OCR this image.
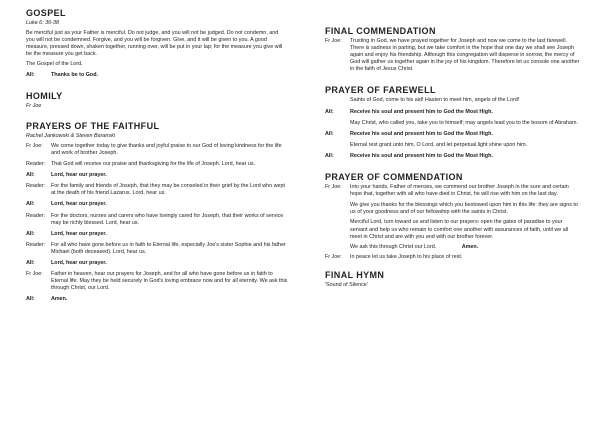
GOSPEL
Luke 6: 36-38

Be merciful just as your Father is merciful. Do not judge, and you will not be judged. Do not condemn, and you will not be condemned. Forgive, and you will be forgiven. Give, and it will be given to you. A good measure, pressed down, shaken together, running over, will be put in your lap; for the measure you give will be the measure you get back.

The Gospel of the Lord.

All:	Thanks be to God.
HOMILY
Fr Joe
PRAYERS OF THE FAITHFUL
Rachel Jankowski & Steven Baranski
Fr Joe:	We come together today to give thanks and joyful praise to our God of loving kindness for the life and work of brother Joseph.
Reader:	That God will receive our praise and thanksgiving for the life of Joseph. Lord, hear us.
All:	Lord, hear our prayer.
Reader:	For the family and friends of Joseph, that they may be consoled in their grief by the Lord who wept at the death of his friend Lazarus. Lord, hear us.
All:	Lord, hear our prayer.
Reader:	For the doctors, nurses and carers who have lovingly cared for Joseph, that their works of service may be richly blessed. Lord, hear us.
All:	Lord, hear our prayer.
Reader:	For all who have gone before us in faith to Eternal life, especially Joe's sister Sophie and his father Michael (both deceased). Lord, hear us.
All:	Lord, hear our prayer.
Fr Joe:	Father in heaven, hear our prayers for Joseph, and for all who have gone before us in faith to Eternal life. May they be held securely in God's loving embrace now and for all eternity. We ask this through Christ, our Lord.
All:	Amen.
FINAL COMMENDATION
Fr Joe:	Trusting in God, we have prayed together for Joseph and now we come to the last farewell. There is sadness in parting, but we take comfort in the hope that one day we shall see Joseph again and enjoy his friendship. Although this congregation will disperse in sorrow, the mercy of God will gather us together again in the joy of his kingdom. Therefore let us console one another in the faith of Jesus Christ.
PRAYER OF FAREWELL
Saints of God, come to his aid! Hasten to meet him, angels of the Lord!
All:	Receive his soul and present him to God the Most High.
May Christ, who called you, take you to himself; may angels lead you to the bosom of Abraham.
All:	Receive his soul and present him to God the Most High.
Eternal rest grant unto him, O Lord, and let perpetual light shine upon him.
All:	Receive his soul and present him to God the Most High.
PRAYER OF COMMENDATION
Fr Joe:	Into your hands, Father of mercies, we commend our brother Joseph in the sure and certain hope that, together with all who have died in Christ, he will rise with him on the last day.

We give you thanks for the blessings which you bestowed upon him in this life: they are signs to us of your goodness and of our fellowship with the saints in Christ.

Merciful Lord, turn toward us and listen to our prayers: open the gates of paradise to your servant and help us who remain to comfort one another with assurances of faith, until we all meet in Christ and are with you and with our brother forever.

We ask this through Christ our Lord.	Amen.

Fr Joe:	In peace let us take Joseph to his place of rest.
FINAL HYMN
'Sound of Silence'
